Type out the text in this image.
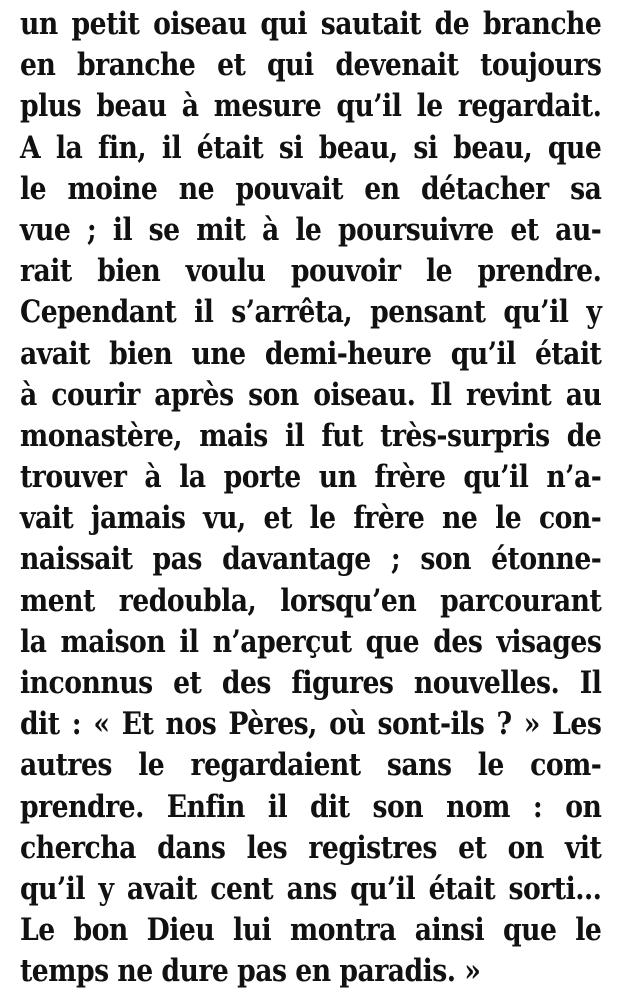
un petit oiseau qui sautait de branche
en branche et qui devenait toujours
plus beau à mesure qu’il le regardait.
A la fin, il était si beau, si beau, que
le moine ne pouvait en détacher sa
vue ; il se mit à le poursuivre et au-
rait bien voulu pouvoir le prendre.
Cependant il s’arrêta, pensant qu’il y
avait bien une demi-heure qu’il était
à courir après son oiseau. Il revint au
monastère, mais il fut très-surpris de
trouver à la porte un frère qu’il n’a-
vait jamais vu, et le frère ne le con-
naissait pas davantage ; son étonne-
ment redoubla, lorsqu’en parcourant
la maison il n’aperçut que des visages
inconnus et des figures nouvelles. Il
dit : « Et nos Pères, où sont-ils ? » Les
autres le regardaient sans le com-
prendre. Enfin il dit son nom : on
chercha dans les registres et on vit
qu’il y avait cent ans qu’il était sorti…
Le bon Dieu lui montra ainsi que le
temps ne dure pas en paradis. »
